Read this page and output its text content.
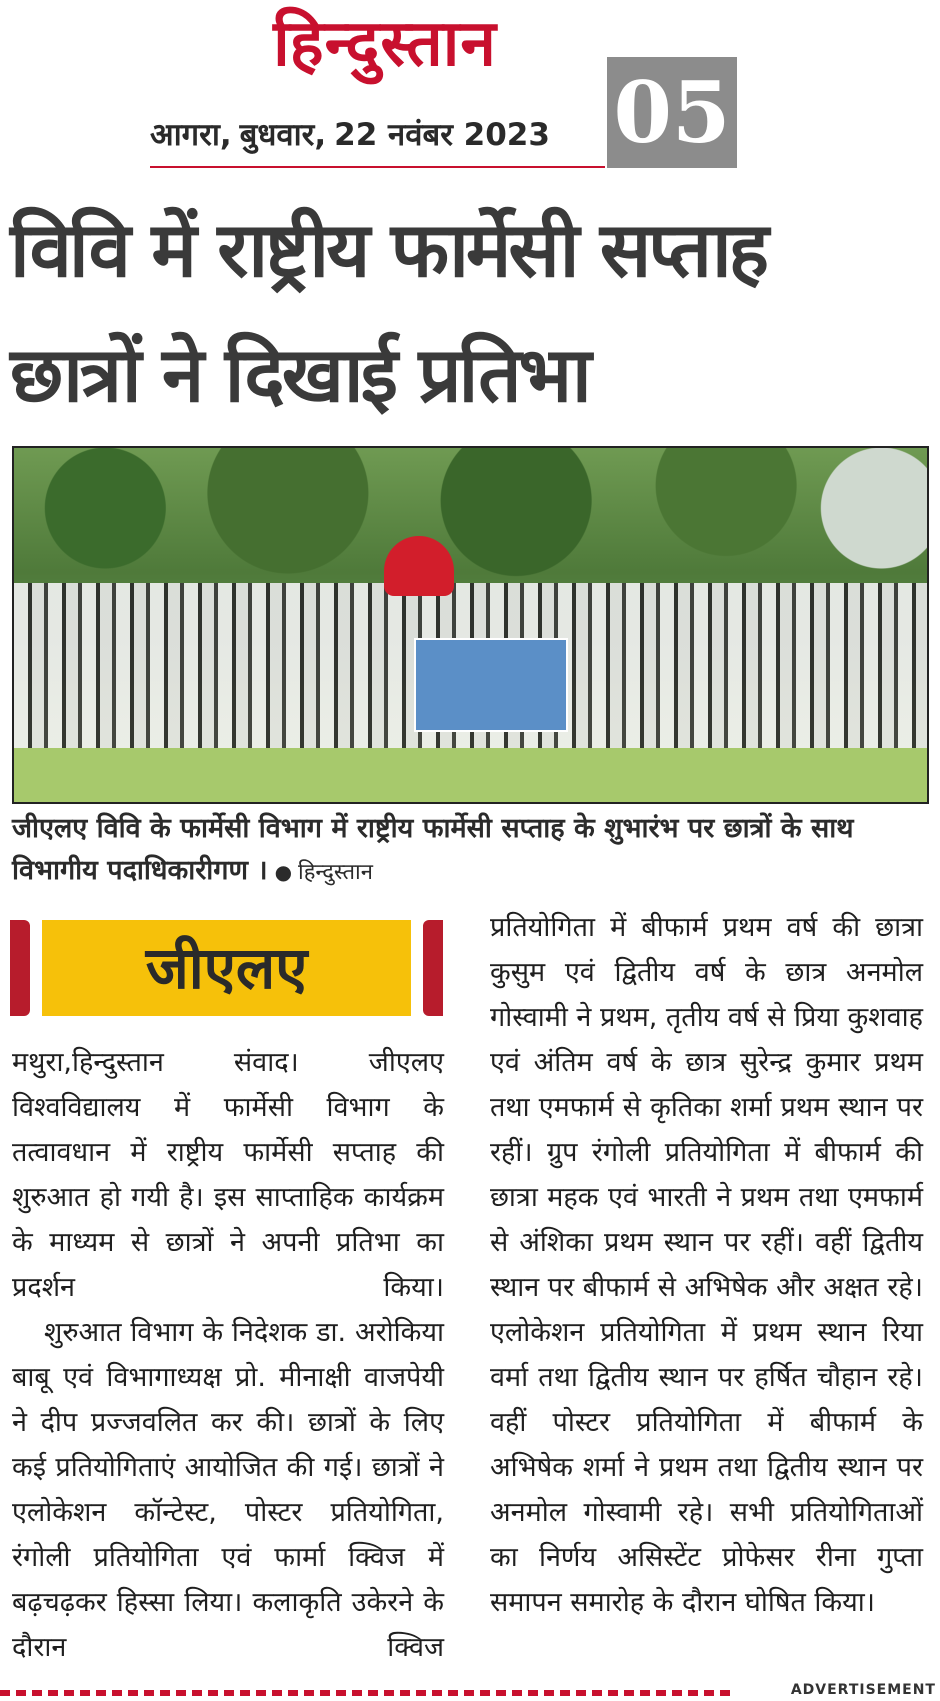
हिन्दुस्तान
आगरा, बुधवार, 22 नवंबर 2023 05
विवि में राष्ट्रीय फार्मेसी सप्ताह
छात्रों ने दिखाई प्रतिभा
जीएलए विवि के फार्मेसी विभाग में राष्ट्रीय फार्मेसी सप्ताह के शुभारंभ पर छात्रों के साथ विभागीय पदाधिकारीगण । ● हिन्दुस्तान
जीएलए

मथुरा,हिन्दुस्तान संवाद। जीएलए विश्वविद्यालय में फार्मेसी विभाग के तत्वावधान में राष्ट्रीय फार्मेसी सप्ताह की शुरुआत हो गयी है। इस साप्ताहिक कार्यक्रम के माध्यम से छात्रों ने अपनी प्रतिभा का प्रदर्शन किया।

शुरुआत विभाग के निदेशक डा. अरोकिया बाबू एवं विभागाध्यक्ष प्रो. मीनाक्षी वाजपेयी ने दीप प्रज्जवलित कर की। छात्रों के लिए कई प्रतियोगिताएं आयोजित की गई। छात्रों ने एलोकेशन कॉन्टेस्ट, पोस्टर प्रतियोगिता, रंगोली प्रतियोगिता एवं फार्मा क्विज में बढ़चढ़कर हिस्सा लिया। कलाकृति उकेरने के दौरान क्विज

प्रतियोगिता में बीफार्म प्रथम वर्ष की छात्रा कुसुम एवं द्वितीय वर्ष के छात्र अनमोल गोस्वामी ने प्रथम, तृतीय वर्ष से प्रिया कुशवाह एवं अंतिम वर्ष के छात्र सुरेन्द्र कुमार प्रथम तथा एमफार्म से कृतिका शर्मा प्रथम स्थान पर रहीं। ग्रुप रंगोली प्रतियोगिता में बीफार्म की छात्रा महक एवं भारती ने प्रथम तथा एमफार्म से अंशिका प्रथम स्थान पर रहीं। वहीं द्वितीय स्थान पर बीफार्म से अभिषेक और अक्षत रहे। एलोकेशन प्रतियोगिता में प्रथम स्थान रिया वर्मा तथा द्वितीय स्थान पर हर्षित चौहान रहे। वहीं पोस्टर प्रतियोगिता में बीफार्म के अभिषेक शर्मा ने प्रथम तथा द्वितीय स्थान पर अनमोल गोस्वामी रहे। सभी प्रतियोगिताओं का निर्णय असिस्टेंट प्रोफेसर रीना गुप्ता समापन समारोह के दौरान घोषित किया।

ADVERTISEMENT
